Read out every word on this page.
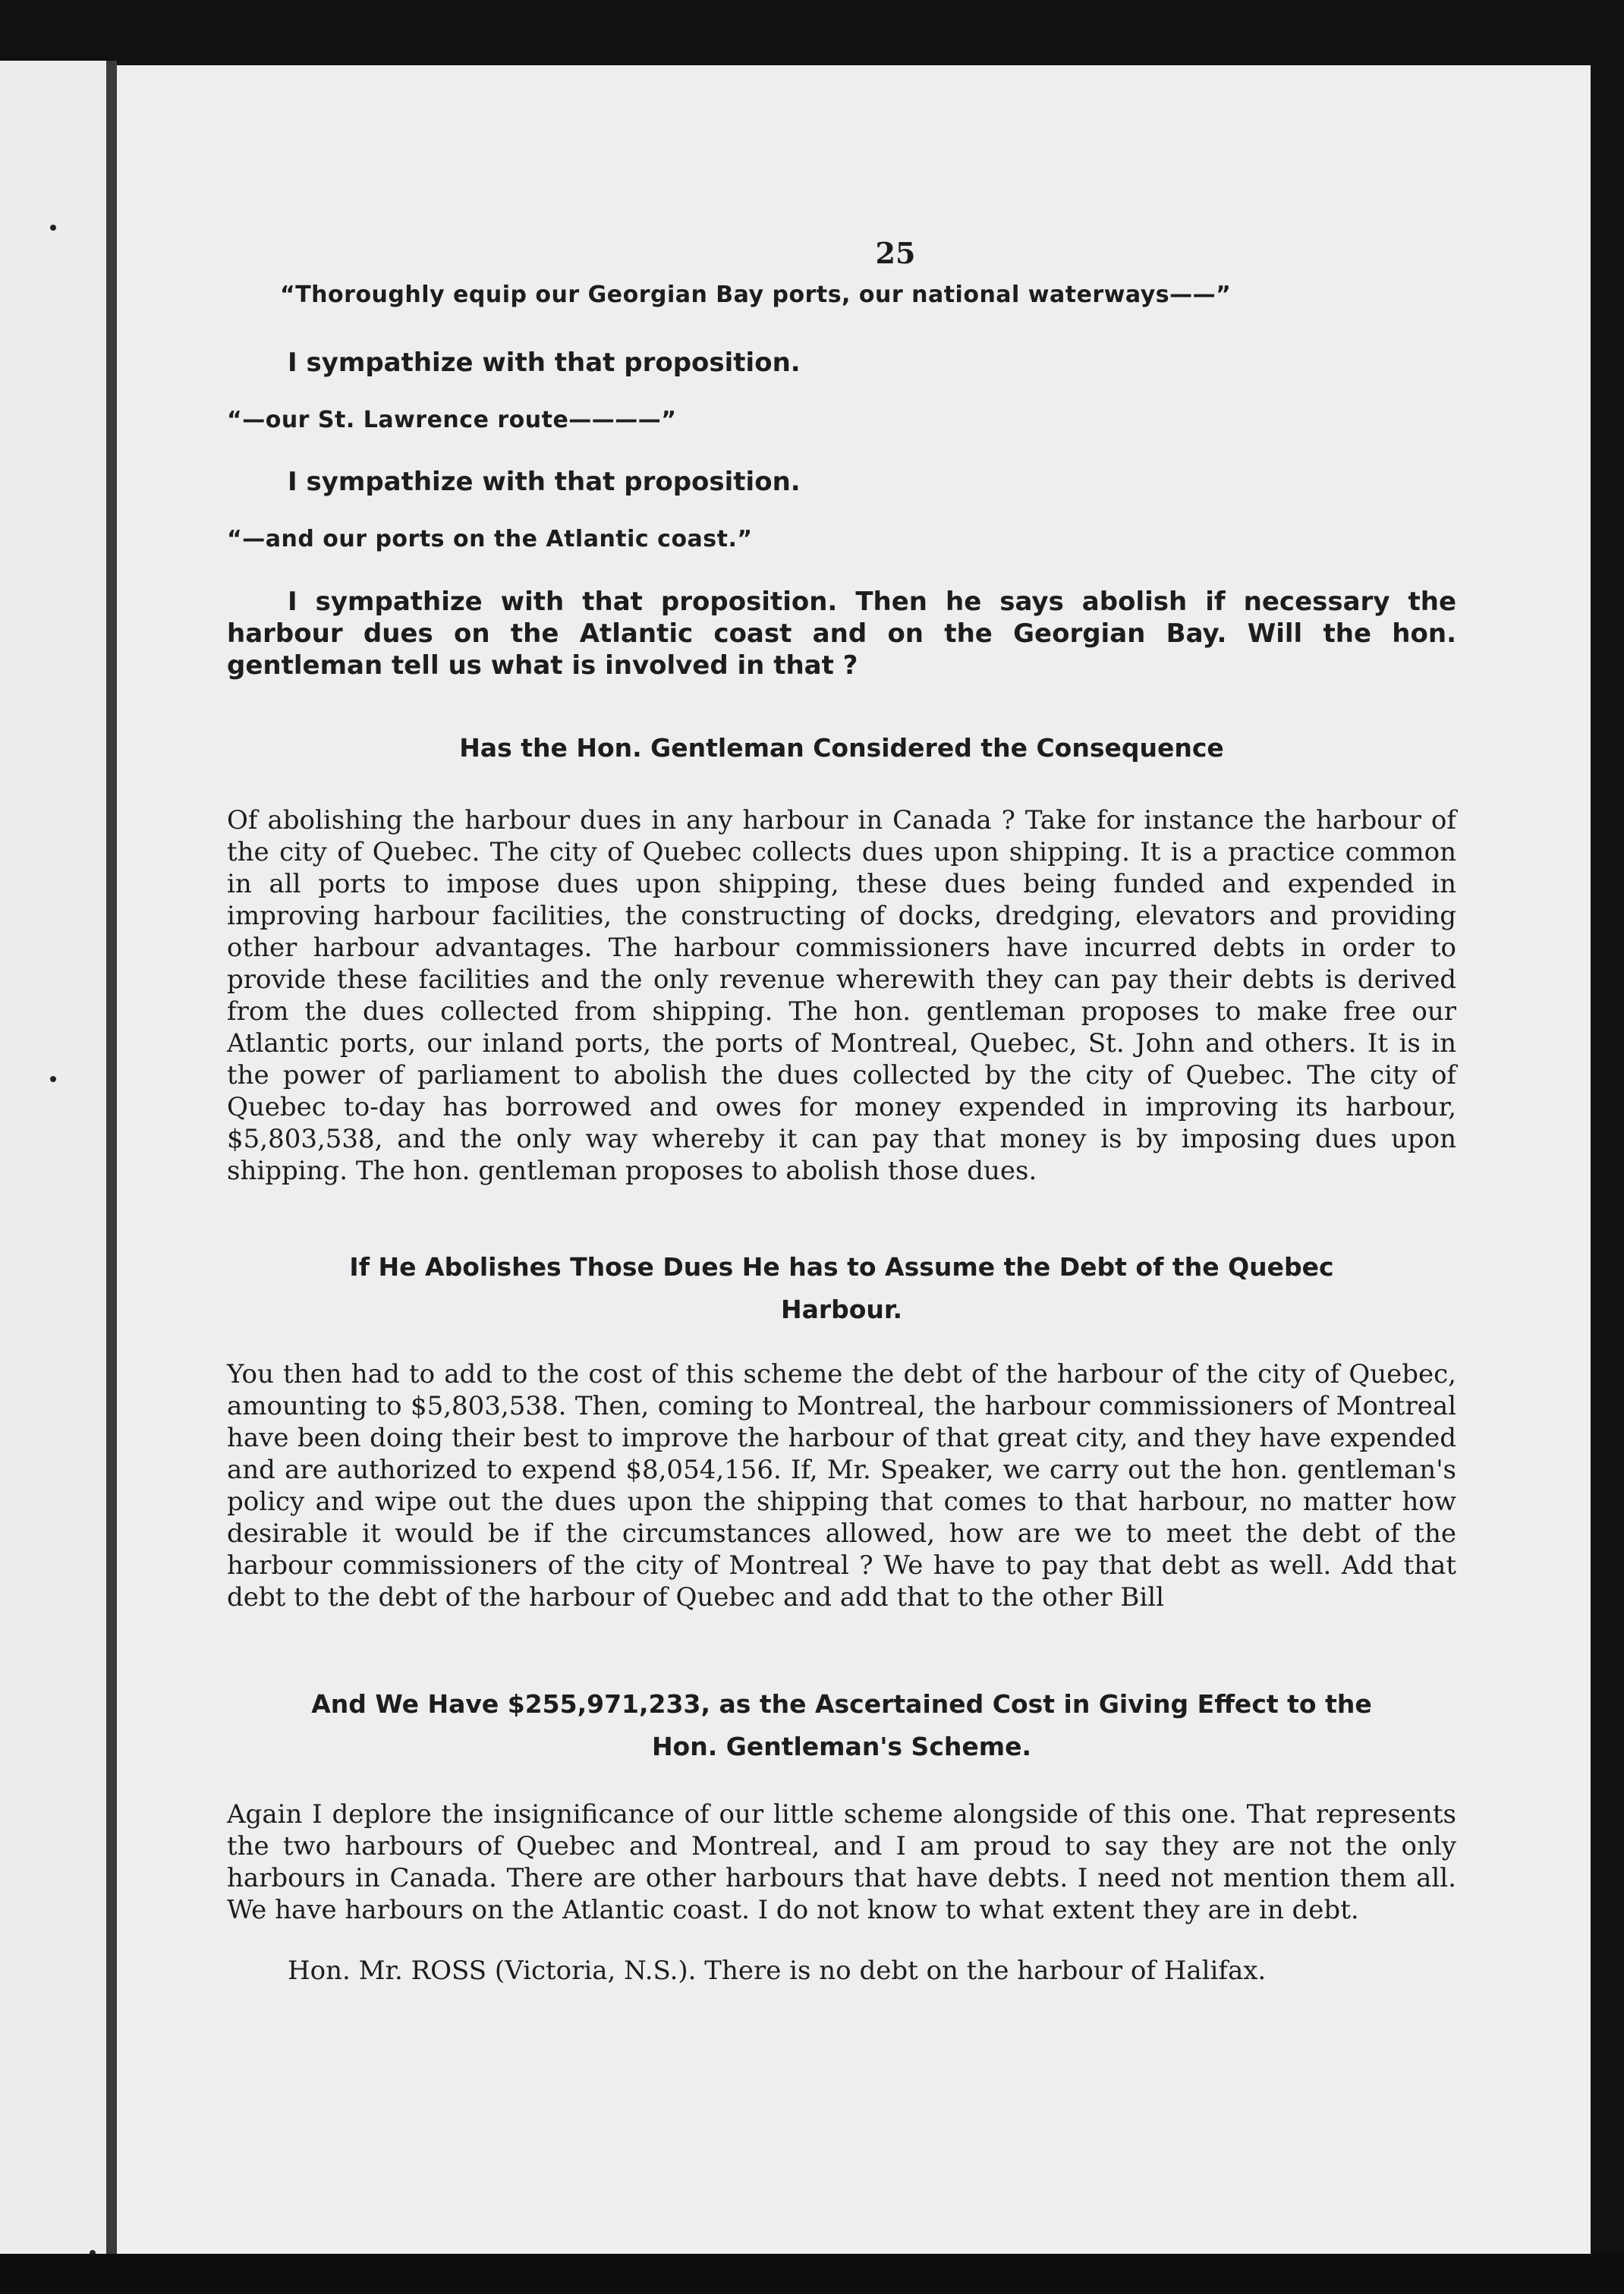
25

“Thoroughly equip our Georgian Bay ports, our national waterways——”

I sympathize with that proposition.

“—our St. Lawrence route————”

I sympathize with that proposition.

“—and our ports on the Atlantic coast.”

I sympathize with that proposition. Then he says abolish if necessary the harbour dues on the Atlantic coast and on the Georgian Bay. Will the hon. gentleman tell us what is involved in that ?

Has the Hon. Gentleman Considered the Consequence

Of abolishing the harbour dues in any harbour in Canada ? Take for instance the harbour of the city of Quebec. The city of Quebec collects dues upon shipping. It is a practice common in all ports to impose dues upon shipping, these dues being funded and expended in improving harbour facilities, the constructing of docks, dredging, elevators and providing other harbour advantages. The harbour commissioners have incurred debts in order to provide these facilities and the only revenue wherewith they can pay their debts is derived from the dues collected from shipping. The hon. gentleman proposes to make free our Atlantic ports, our inland ports, the ports of Montreal, Quebec, St. John and others. It is in the power of parliament to abolish the dues collected by the city of Quebec. The city of Quebec to-day has borrowed and owes for money expended in improving its harbour, $5,803,538, and the only way whereby it can pay that money is by imposing dues upon shipping. The hon. gentleman proposes to abolish those dues.

If He Abolishes Those Dues He has to Assume the Debt of the Quebec
Harbour.

You then had to add to the cost of this scheme the debt of the harbour of the city of Quebec, amounting to $5,803,538. Then, coming to Montreal, the harbour commissioners of Montreal have been doing their best to improve the harbour of that great city, and they have expended and are authorized to expend $8,054,156. If, Mr. Speaker, we carry out the hon. gentleman's policy and wipe out the dues upon the shipping that comes to that harbour, no matter how desirable it would be if the circumstances allowed, how are we to meet the debt of the harbour commissioners of the city of Montreal ? We have to pay that debt as well. Add that debt to the debt of the harbour of Quebec and add that to the other Bill

And We Have $255,971,233, as the Ascertained Cost in Giving Effect to the
Hon. Gentleman's Scheme.

Again I deplore the insignificance of our little scheme alongside of this one. That represents the two harbours of Quebec and Montreal, and I am proud to say they are not the only harbours in Canada. There are other harbours that have debts. I need not mention them all. We have harbours on the Atlantic coast. I do not know to what extent they are in debt.

Hon. Mr. ROSS (Victoria, N.S.). There is no debt on the harbour of Halifax.
